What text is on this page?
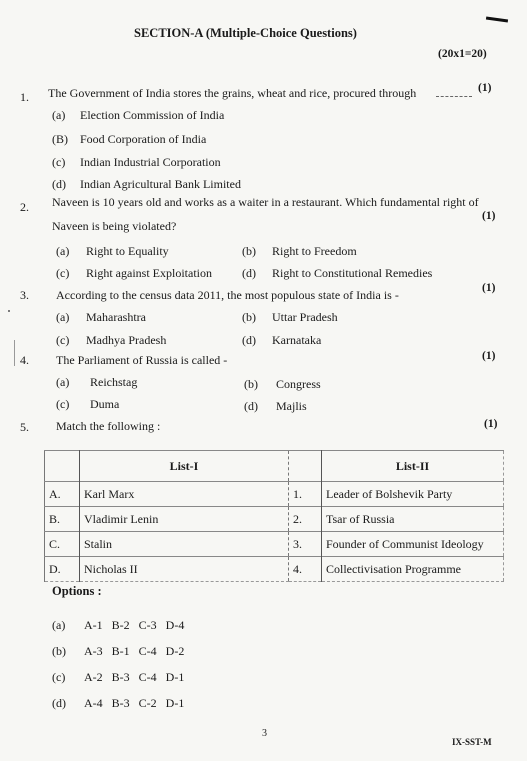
SECTION-A (Multiple-Choice Questions)
(20x1=20)
1. The Government of India stores the grains, wheat and rice, procured through	(1)
(a) Election Commission of India
(B) Food Corporation of India
(c) Indian Industrial Corporation
(d) Indian Agricultural Bank Limited
2. Naveen is 10 years old and works as a waiter in a restaurant. Which fundamental right of
Naveen is being violated?
(1)
(a) Right to Equality	(b) Right to Freedom
(c) Right against Exploitation	(d) Right to Constitutional Remedies
3. According to the census data 2011, the most populous state of India is -	(1)
(a) Maharashtra	(b) Uttar Pradesh
(c) Madhya Pradesh	(d) Karnataka
4. The Parliament of Russia is called -	(1)
(a) Reichstag	(b) Congress
(c) Duma	(d) Majlis
5. Match the following :	(1)
	List-I		List-II
A.	Karl Marx	1.	Leader of Bolshevik Party
B.	Vladimir Lenin	2.	Tsar of Russia
C.	Stalin	3.	Founder of Communist Ideology
D.	Nicholas II	4.	Collectivisation Programme
Options :
(a) A-1   B-2   C-3   D-4
(b) A-3   B-1   C-4   D-2
(c) A-2   B-3   C-4   D-1
(d) A-4   B-3   C-2   D-1
3
IX-SST-M
